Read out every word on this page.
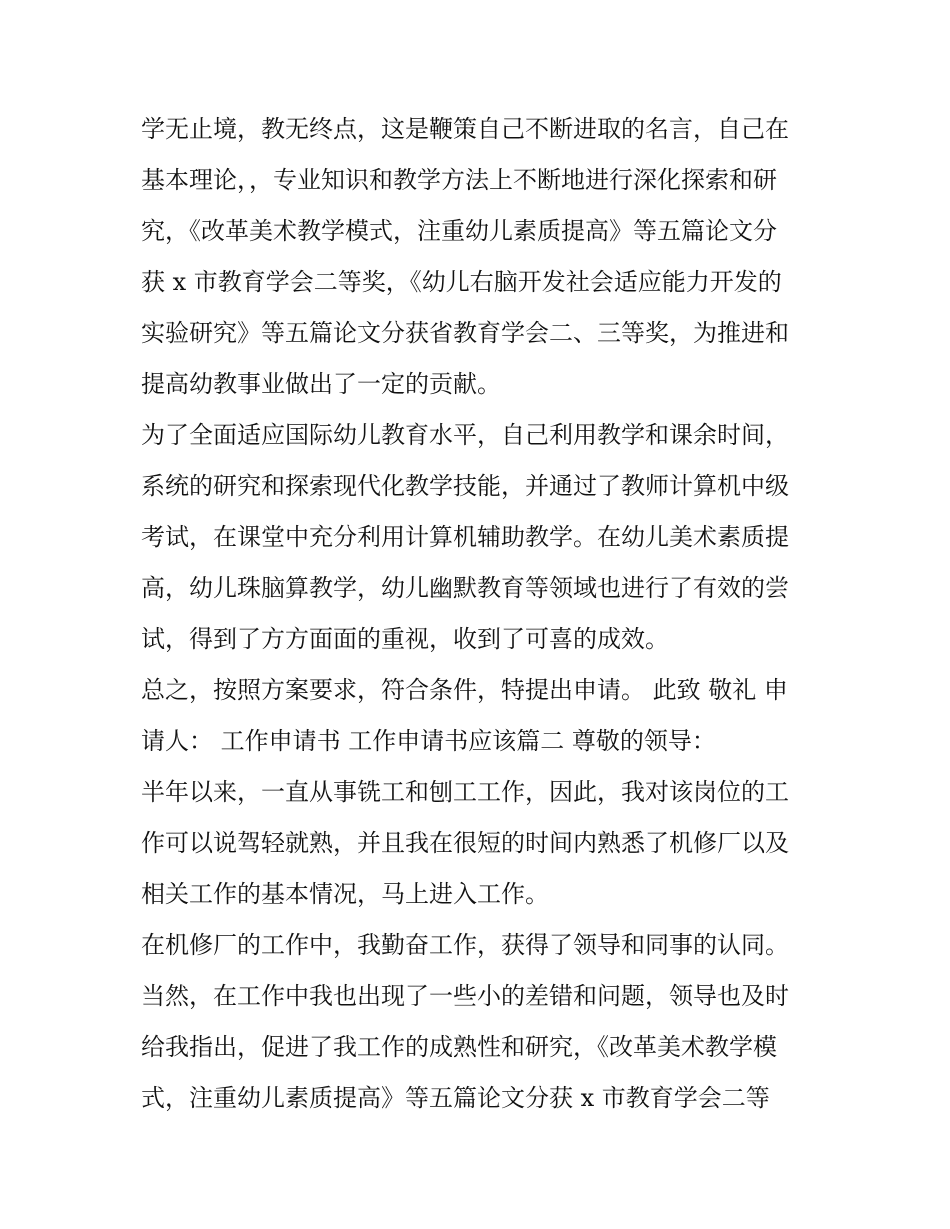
学无止境，教无终点，这是鞭策自己不断进取的名言，自己在
基本理论，，专业知识和教学方法上不断地进行深化探索和研
究，《改革美术教学模式，注重幼儿素质提高》等五篇论文分
获 x 市教育学会二等奖，《幼儿右脑开发社会适应能力开发的
实验研究》等五篇论文分获省教育学会二、三等奖，为推进和
提高幼教事业做出了一定的贡献。

为了全面适应国际幼儿教育水平，自己利用教学和课余时间，
系统的研究和探索现代化教学技能，并通过了教师计算机中级
考试，在课堂中充分利用计算机辅助教学。在幼儿美术素质提
高，幼儿珠脑算教学，幼儿幽默教育等领域也进行了有效的尝
试，得到了方方面面的重视，收到了可喜的成效。

总之，按照方案要求，符合条件，特提出申请。 此致 敬礼 申
请人： 工作申请书 工作申请书应该篇二 尊敬的领导：

半年以来，一直从事铣工和刨工工作，因此，我对该岗位的工
作可以说驾轻就熟，并且我在很短的时间内熟悉了机修厂以及
相关工作的基本情况，马上进入工作。

在机修厂的工作中，我勤奋工作，获得了领导和同事的认同。
当然，在工作中我也出现了一些小的差错和问题，领导也及时
给我指出，促进了我工作的成熟性和研究，《改革美术教学模
式，注重幼儿素质提高》等五篇论文分获 x 市教育学会二等
